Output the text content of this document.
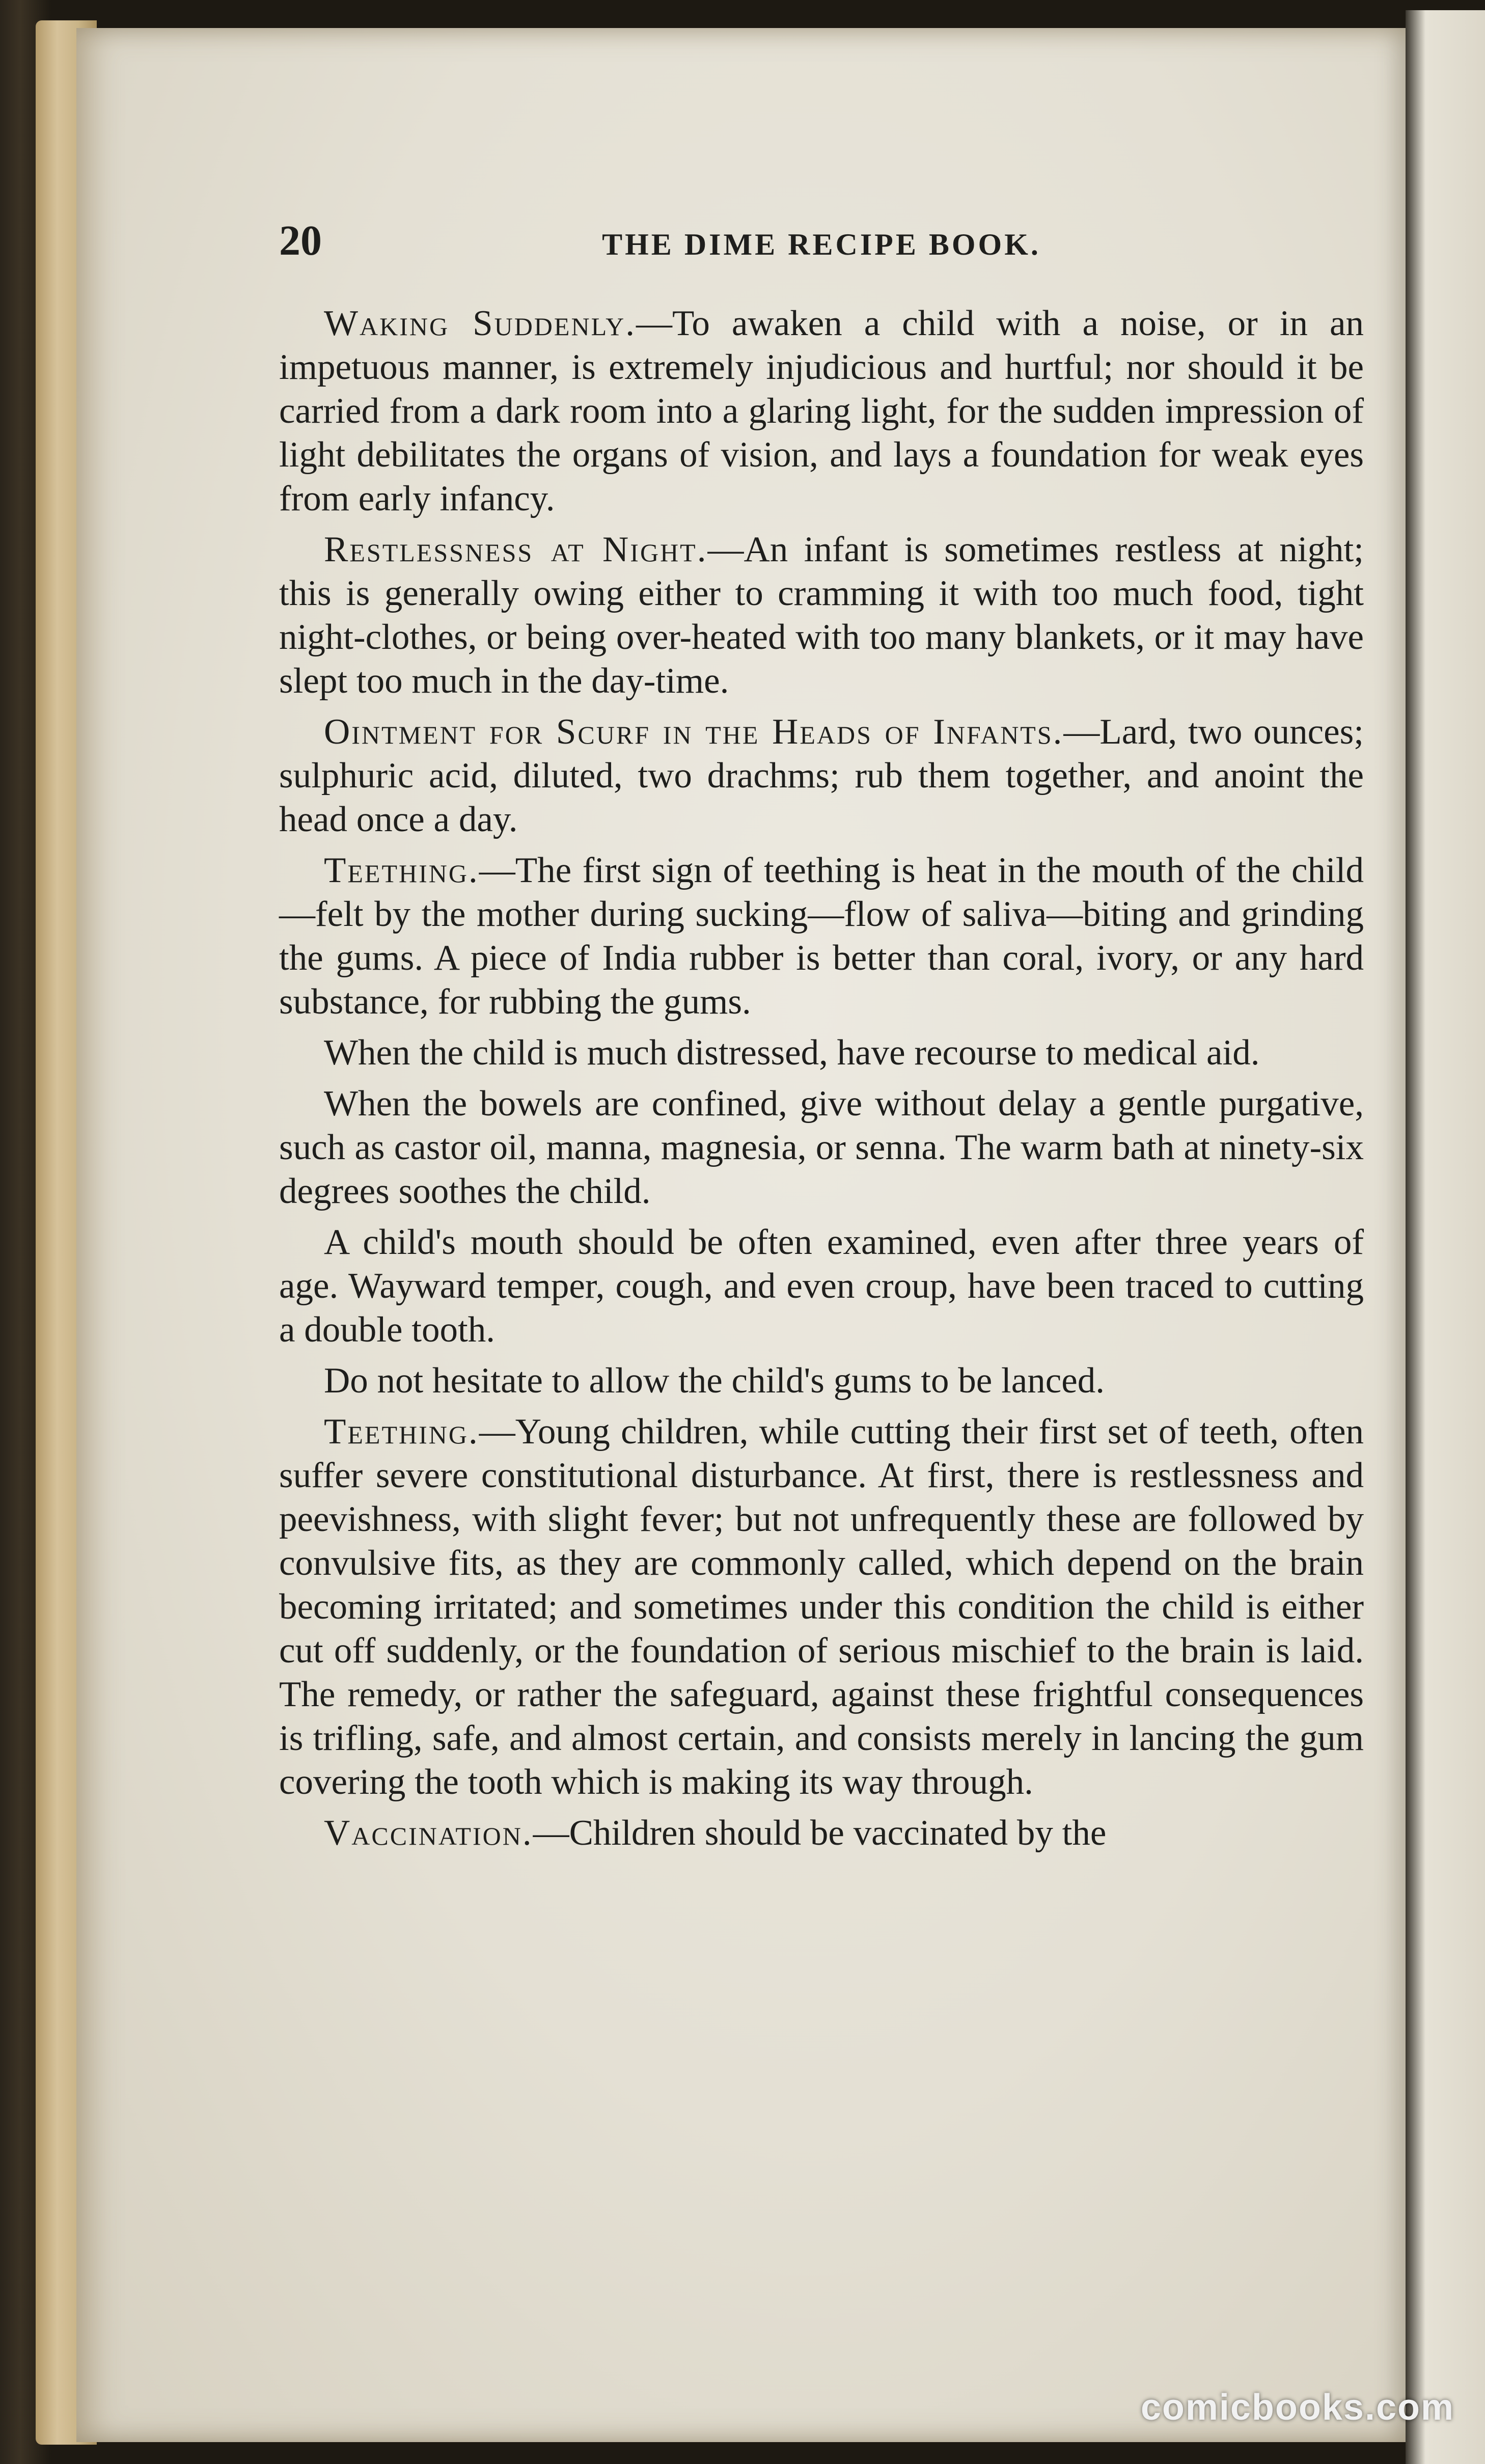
20	THE DIME RECIPE BOOK.

Waking Suddenly.—To awaken a child with a noise, or in an impetuous manner, is extremely injudicious and hurtful; nor should it be carried from a dark room into a glaring light, for the sudden impression of light debilitates the organs of vision, and lays a foundation for weak eyes from early infancy.

Restlessness at Night.—An infant is sometimes restless at night; this is generally owing either to cramming it with too much food, tight night-clothes, or being over-heated with too many blankets, or it may have slept too much in the day-time.

Ointment for Scurf in the Heads of Infants.—Lard, two ounces; sulphuric acid, diluted, two drachms; rub them together, and anoint the head once a day.

Teething.—The first sign of teething is heat in the mouth of the child—felt by the mother during sucking—flow of saliva—biting and grinding the gums. A piece of India rubber is better than coral, ivory, or any hard substance, for rubbing the gums.

When the child is much distressed, have recourse to medical aid.

When the bowels are confined, give without delay a gentle purgative, such as castor oil, manna, magnesia, or senna. The warm bath at ninety-six degrees soothes the child.

A child's mouth should be often examined, even after three years of age. Wayward temper, cough, and even croup, have been traced to cutting a double tooth.

Do not hesitate to allow the child's gums to be lanced.

Teething.—Young children, while cutting their first set of teeth, often suffer severe constitutional disturbance. At first, there is restlessness and peevishness, with slight fever; but not unfrequently these are followed by convulsive fits, as they are commonly called, which depend on the brain becoming irritated; and sometimes under this condition the child is either cut off suddenly, or the foundation of serious mischief to the brain is laid. The remedy, or rather the safeguard, against these frightful consequences is trifling, safe, and almost certain, and consists merely in lancing the gum covering the tooth which is making its way through.

Vaccination.—Children should be vaccinated by the

comicbooks.com
